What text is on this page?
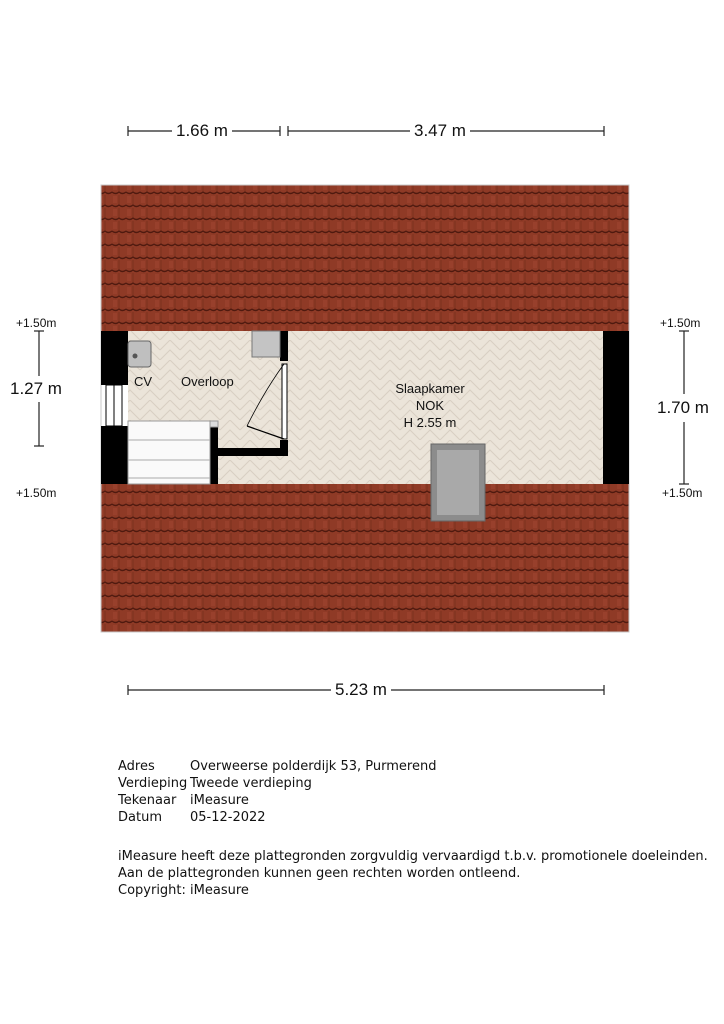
1.66 m	3.47 m
5.23 m
1.27 m
1.70 m
+1.50m
+1.50m
+1.50m
+1.50m
CV Overloop	Slaapkamer
NOK
H 2.55 m
Adres	Overweerse polderdijk 53, Purmerend
Verdieping Tweede verdieping
Tekenaar	iMeasure
Datum	05-12-2022
iMeasure heeft deze plattegronden zorgvuldig vervaardigd t.b.v. promotionele doeleinden.
Aan de plattegronden kunnen geen rechten worden ontleend.
Copyright: iMeasure
